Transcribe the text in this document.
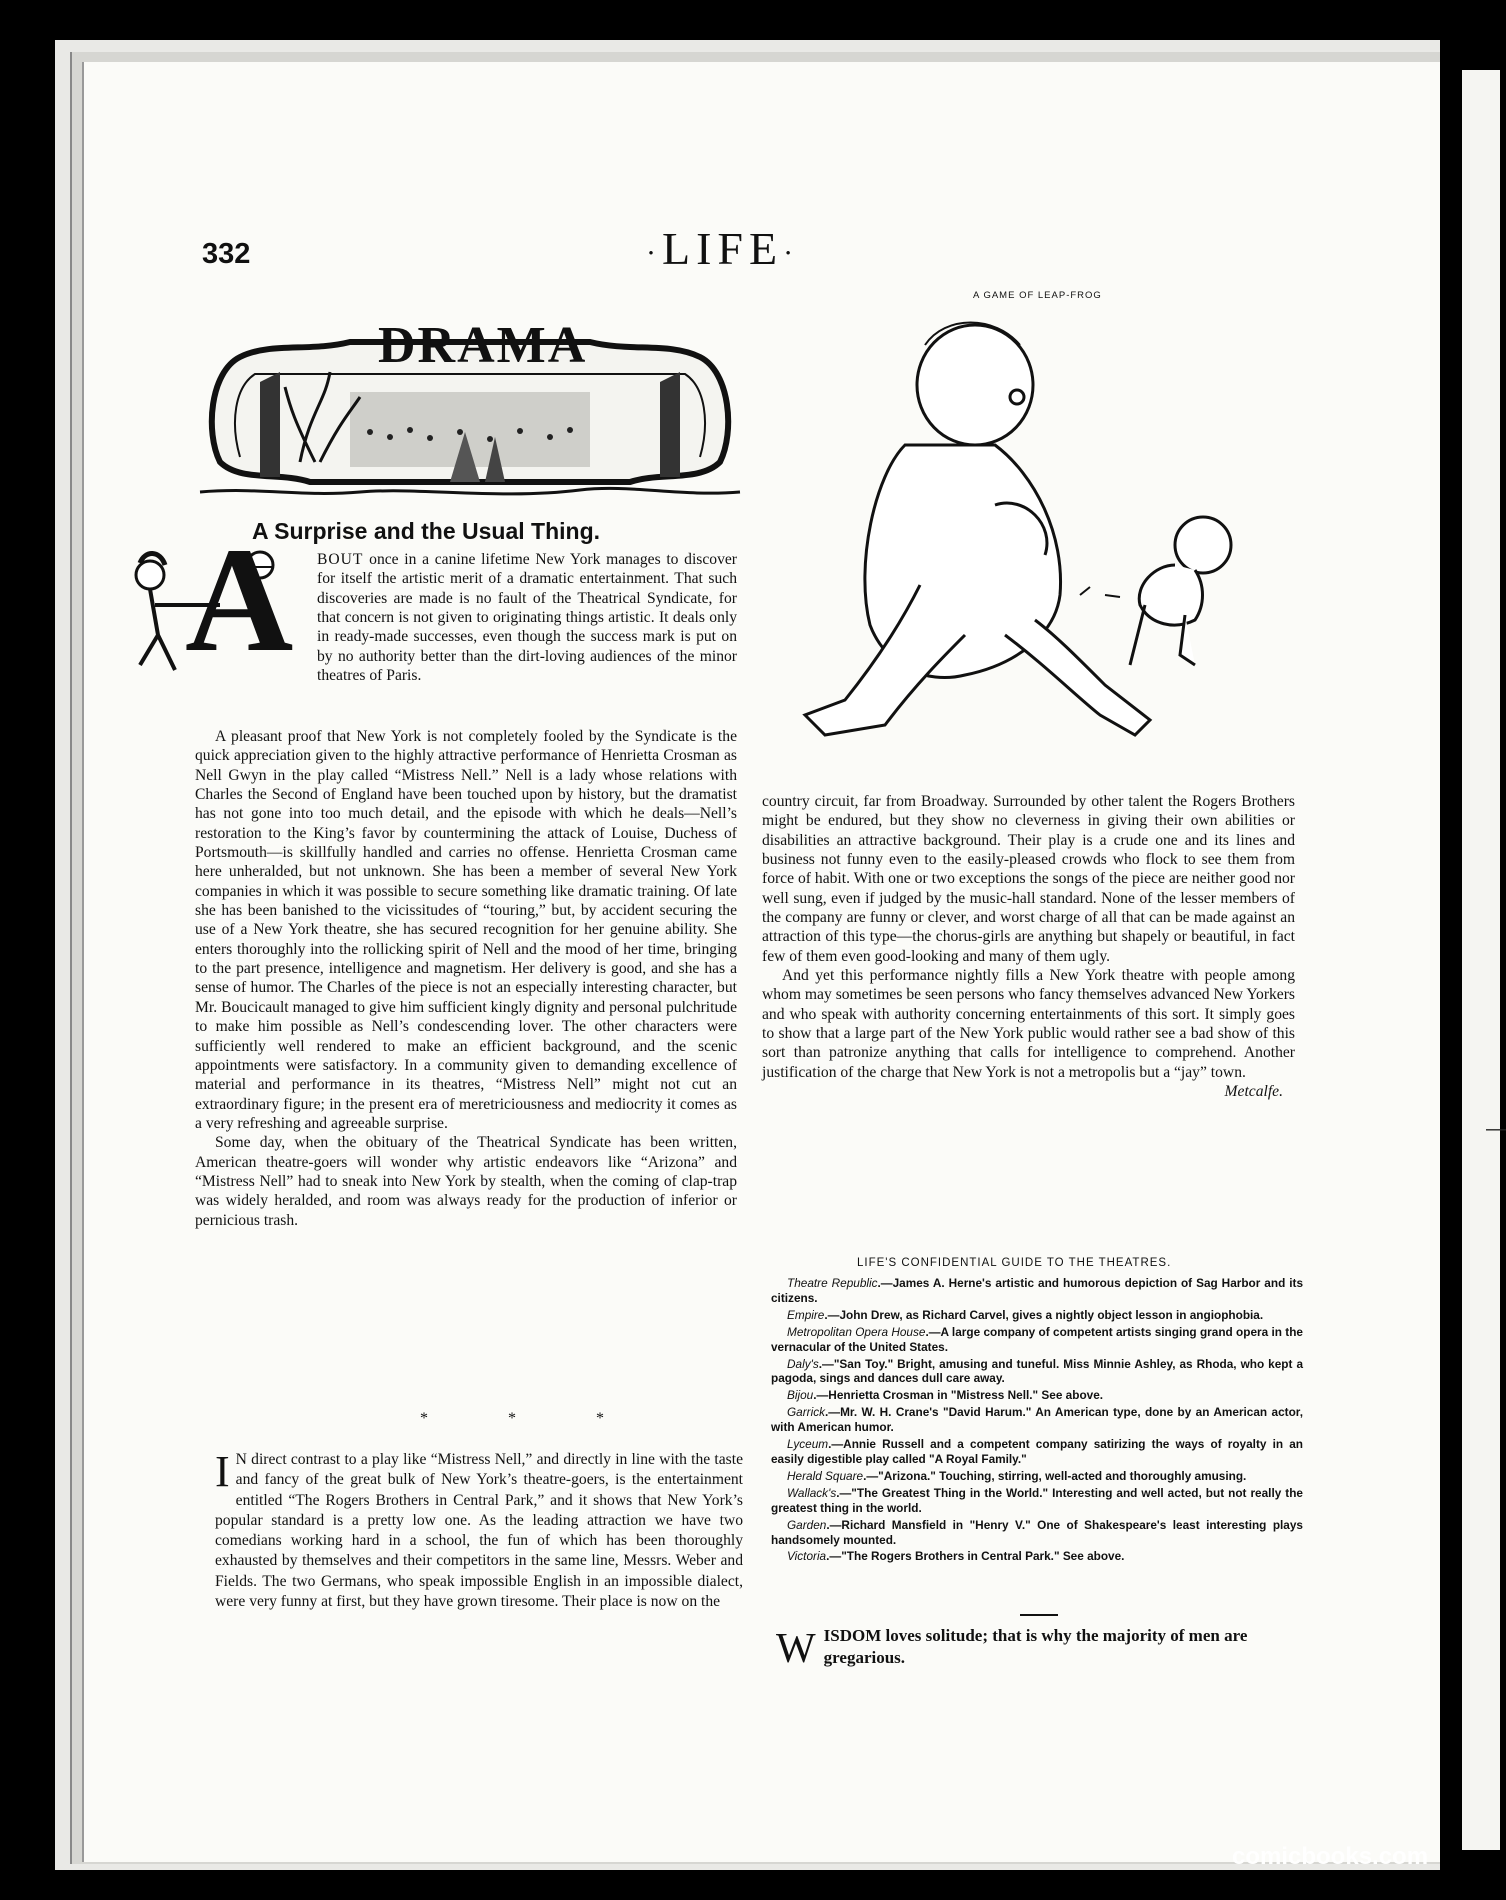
—
332	·LIFE·
DRAMA
A Surprise and the Usual Thing.
A BOUT once in a canine lifetime New York manages to discover for itself the artistic merit of a dramatic entertainment. That such discoveries are made is no fault of the Theatrical Syndicate, for that concern is not given to originating things artistic. It deals only in ready-made successes, even though the success mark is put on by no authority better than the dirt-loving audiences of the minor theatres of Paris.

A pleasant proof that New York is not completely fooled by the Syndicate is the quick appreciation given to the highly attractive performance of Henrietta Crosman as Nell Gwyn in the play called “Mistress Nell.” Nell is a lady whose relations with Charles the Second of England have been touched upon by history, but the dramatist has not gone into too much detail, and the episode with which he deals—Nell’s restoration to the King’s favor by countermining the attack of Louise, Duchess of Portsmouth—is skillfully handled and carries no offense. Henrietta Crosman came here unheralded, but not unknown. She has been a member of several New York companies in which it was possible to secure something like dramatic training. Of late she has been banished to the vicissitudes of “touring,” but, by accident securing the use of a New York theatre, she has secured recognition for her genuine ability. She enters thoroughly into the rollicking spirit of Nell and the mood of her time, bringing to the part presence, intelligence and magnetism. Her delivery is good, and she has a sense of humor. The Charles of the piece is not an especially interesting character, but Mr. Boucicault managed to give him sufficient kingly dignity and personal pulchritude to make him possible as Nell’s condescending lover. The other characters were sufficiently well rendered to make an efficient background, and the scenic appointments were satisfactory. In a community given to demanding excellence of material and performance in its theatres, “Mistress Nell” might not cut an extraordinary figure; in the present era of meretriciousness and mediocrity it comes as a very refreshing and agreeable surprise.

Some day, when the obituary of the Theatrical Syndicate has been written, American theatre-goers will wonder why artistic endeavors like “Arizona” and “Mistress Nell” had to sneak into New York by stealth, when the coming of clap-trap was widely heralded, and room was always ready for the production of inferior or pernicious trash.

* * *
I N direct contrast to a play like “Mistress Nell,” and directly in line with the taste and fancy of the great bulk of New York’s theatre-goers, is the entertainment entitled “The Rogers Brothers in Central Park,” and it shows that New York’s popular standard is a pretty low one. As the leading attraction we have two comedians working hard in a school, the fun of which has been thoroughly exhausted by themselves and their competitors in the same line, Messrs. Weber and Fields. The two Germans, who speak impossible English in an impossible dialect, were very funny at first, but they have grown tiresome. Their place is now on the
A GAME OF LEAP-FROG

country circuit, far from Broadway. Surrounded by other talent the Rogers Brothers might be endured, but they show no cleverness in giving their own abilities or disabilities an attractive background. Their play is a crude one and its lines and business not funny even to the easily-pleased crowds who flock to see them from force of habit. With one or two exceptions the songs of the piece are neither good nor well sung, even if judged by the music-hall standard. None of the lesser members of the company are funny or clever, and worst charge of all that can be made against an attraction of this type—the chorus-girls are anything but shapely or beautiful, in fact few of them even good-looking and many of them ugly.

And yet this performance nightly fills a New York theatre with people among whom may sometimes be seen persons who fancy themselves advanced New Yorkers and who speak with authority concerning entertainments of this sort. It simply goes to show that a large part of the New York public would rather see a bad show of this sort than patronize anything that calls for intelligence to comprehend. Another justification of the charge that New York is not a metropolis but a “jay” town.

Metcalfe.

LIFE'S CONFIDENTIAL GUIDE TO THE THEATRES.

Theatre Republic.—James A. Herne's artistic and humorous depiction of Sag Harbor and its citizens.

Empire.—John Drew, as Richard Carvel, gives a nightly object lesson in angiophobia.

Metropolitan Opera House.—A large company of competent artists singing grand opera in the vernacular of the United States.

Daly's.—"San Toy." Bright, amusing and tuneful. Miss Minnie Ashley, as Rhoda, who kept a pagoda, sings and dances dull care away.

Bijou.—Henrietta Crosman in "Mistress Nell." See above.

Garrick.—Mr. W. H. Crane's "David Harum." An American type, done by an American actor, with American humor.

Lyceum.—Annie Russell and a competent company satirizing the ways of royalty in an easily digestible play called "A Royal Family."

Herald Square.—"Arizona." Touching, stirring, well-acted and thoroughly amusing.

Wallack's.—"The Greatest Thing in the World." Interesting and well acted, but not really the greatest thing in the world.

Garden.—Richard Mansfield in "Henry V." One of Shakespeare's least interesting plays handsomely mounted.

Victoria.—"The Rogers Brothers in Central Park." See above.

W ISDOM loves solitude; that is why the majority of men are gregarious.
comicbooks.com
